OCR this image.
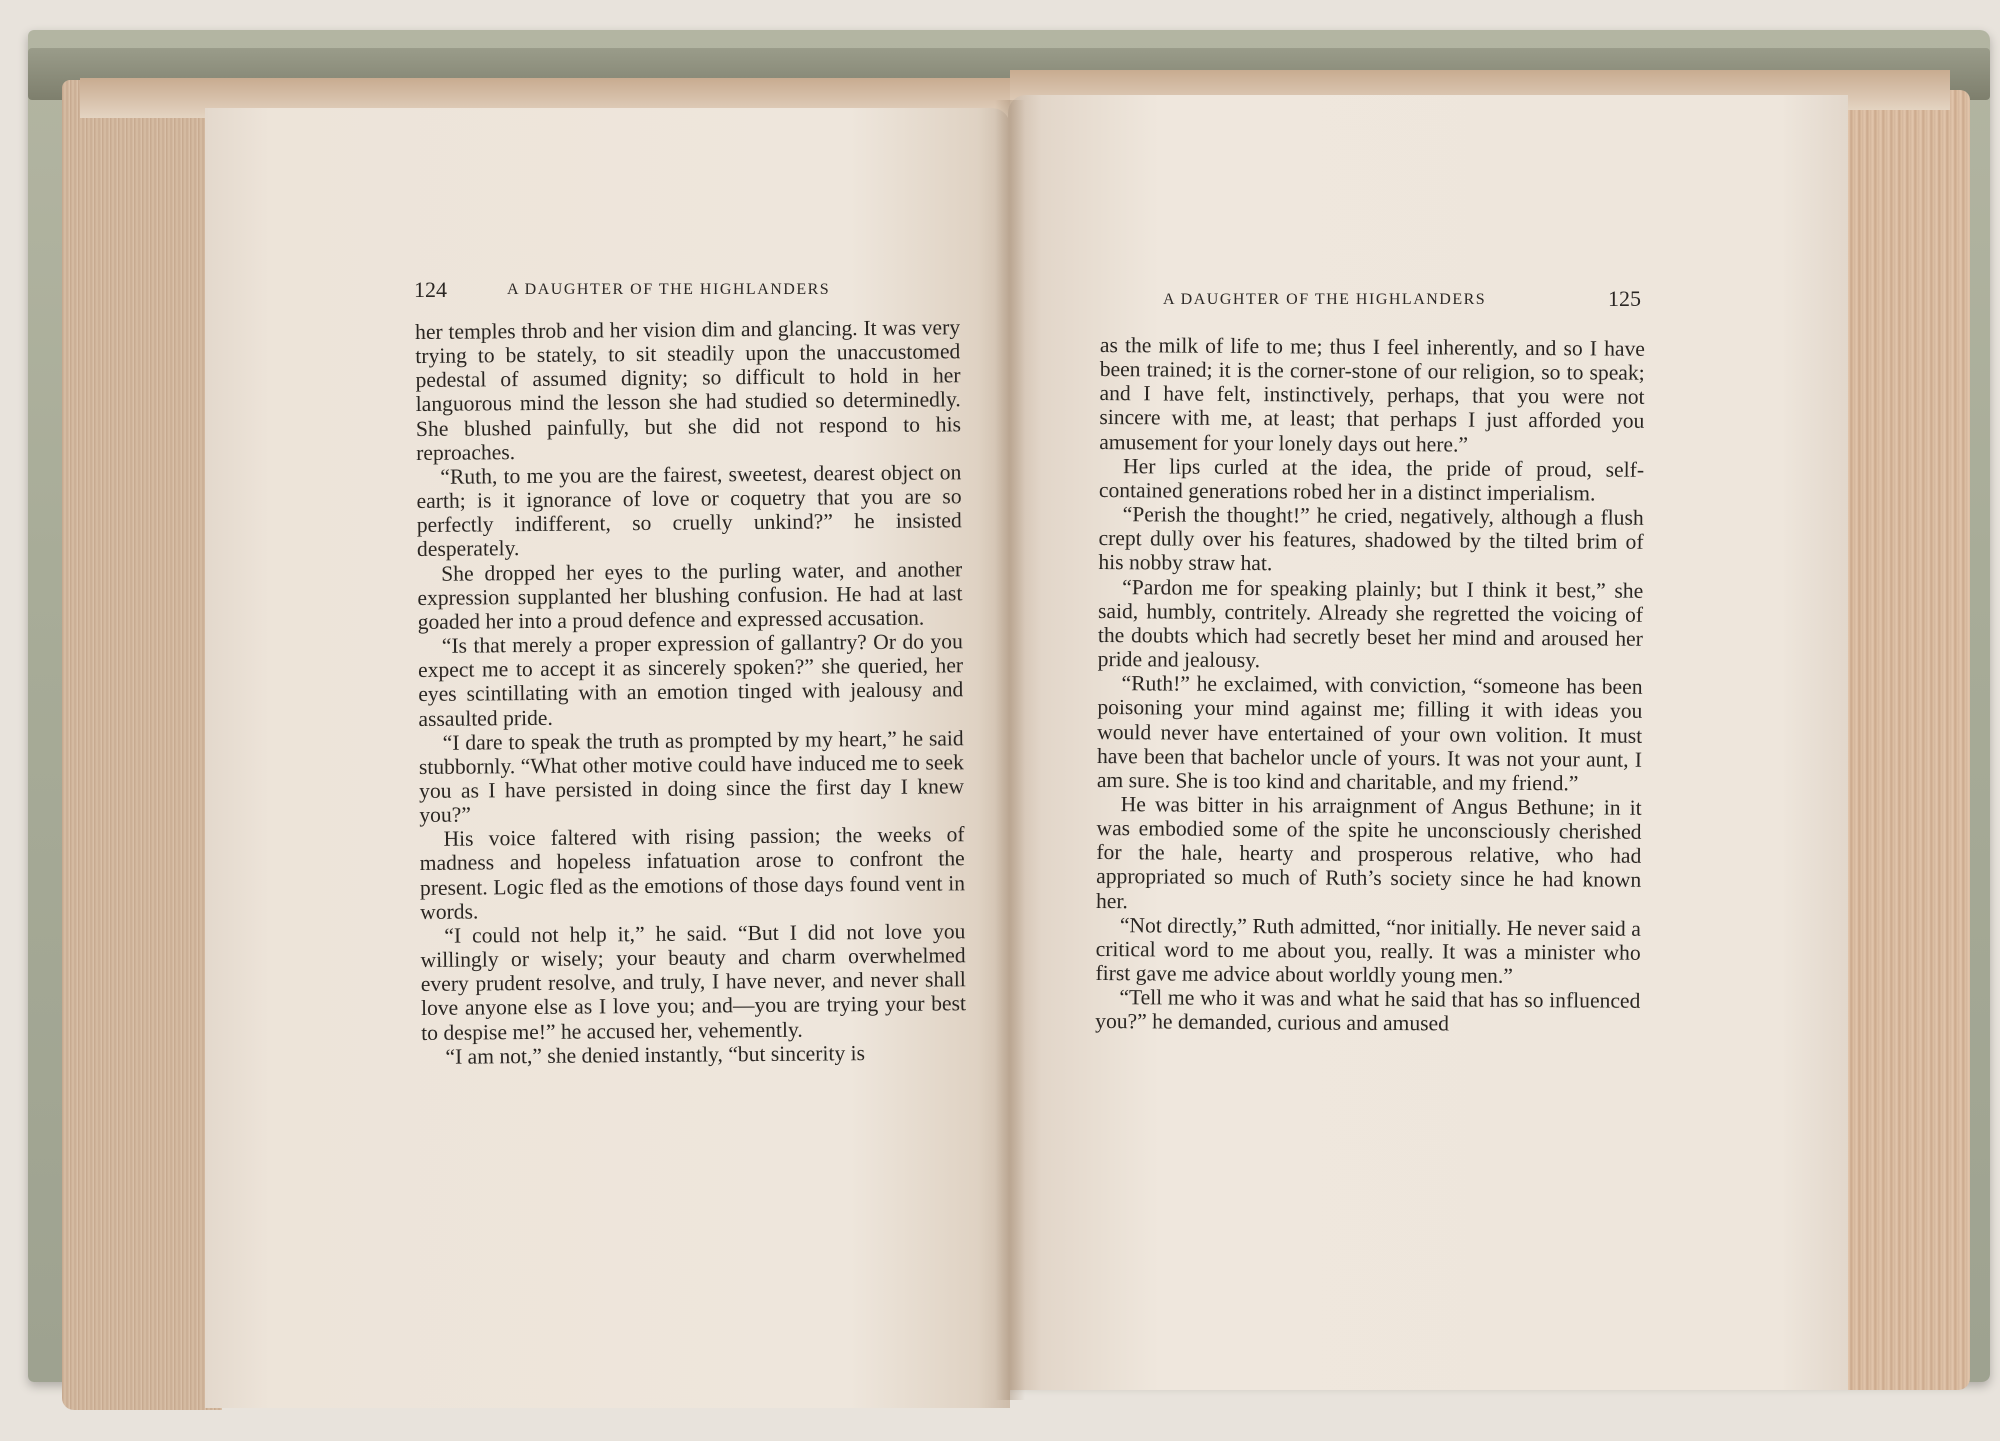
124	A DAUGHTER OF THE HIGHLANDERS
A DAUGHTER OF THE HIGHLANDERS	125

her temples throb and her vision dim and glancing. It was very trying to be stately, to sit steadily upon the unaccustomed pedestal of assumed dignity; so difficult to hold in her languorous mind the lesson she had studied so determinedly. She blushed painfully, but she did not respond to his reproaches.

“Ruth, to me you are the fairest, sweetest, dearest object on earth; is it ignorance of love or coquetry that you are so perfectly indifferent, so cruelly unkind?” he insisted desperately.

She dropped her eyes to the purling water, and another expression supplanted her blushing confusion. He had at last goaded her into a proud defence and expressed accusation.

“Is that merely a proper expression of gallantry? Or do you expect me to accept it as sincerely spoken?” she queried, her eyes scintillating with an emotion tinged with jealousy and assaulted pride.

“I dare to speak the truth as prompted by my heart,” he said stubbornly. “What other motive could have induced me to seek you as I have persisted in doing since the first day I knew you?”

His voice faltered with rising passion; the weeks of madness and hopeless infatuation arose to confront the present. Logic fled as the emotions of those days found vent in words.

“I could not help it,” he said. “But I did not love you willingly or wisely; your beauty and charm overwhelmed every prudent resolve, and truly, I have never, and never shall love anyone else as I love you; and—you are trying your best to despise me!” he accused her, vehemently.

“I am not,” she denied instantly, “but sincerity is

as the milk of life to me; thus I feel inherently, and so I have been trained; it is the corner-stone of our religion, so to speak; and I have felt, instinctively, perhaps, that you were not sincere with me, at least; that perhaps I just afforded you amusement for your lonely days out here.”

Her lips curled at the idea, the pride of proud, self-contained generations robed her in a distinct imperialism.

“Perish the thought!” he cried, negatively, although a flush crept dully over his features, shadowed by the tilted brim of his nobby straw hat.

“Pardon me for speaking plainly; but I think it best,” she said, humbly, contritely. Already she regretted the voicing of the doubts which had secretly beset her mind and aroused her pride and jealousy.

“Ruth!” he exclaimed, with conviction, “someone has been poisoning your mind against me; filling it with ideas you would never have entertained of your own volition. It must have been that bachelor uncle of yours. It was not your aunt, I am sure. She is too kind and charitable, and my friend.”

He was bitter in his arraignment of Angus Bethune; in it was embodied some of the spite he unconsciously cherished for the hale, hearty and prosperous relative, who had appropriated so much of Ruth’s society since he had known her.

“Not directly,” Ruth admitted, “nor initially. He never said a critical word to me about you, really. It was a minister who first gave me advice about worldly young men.”

“Tell me who it was and what he said that has so influenced you?” he demanded, curious and amused
